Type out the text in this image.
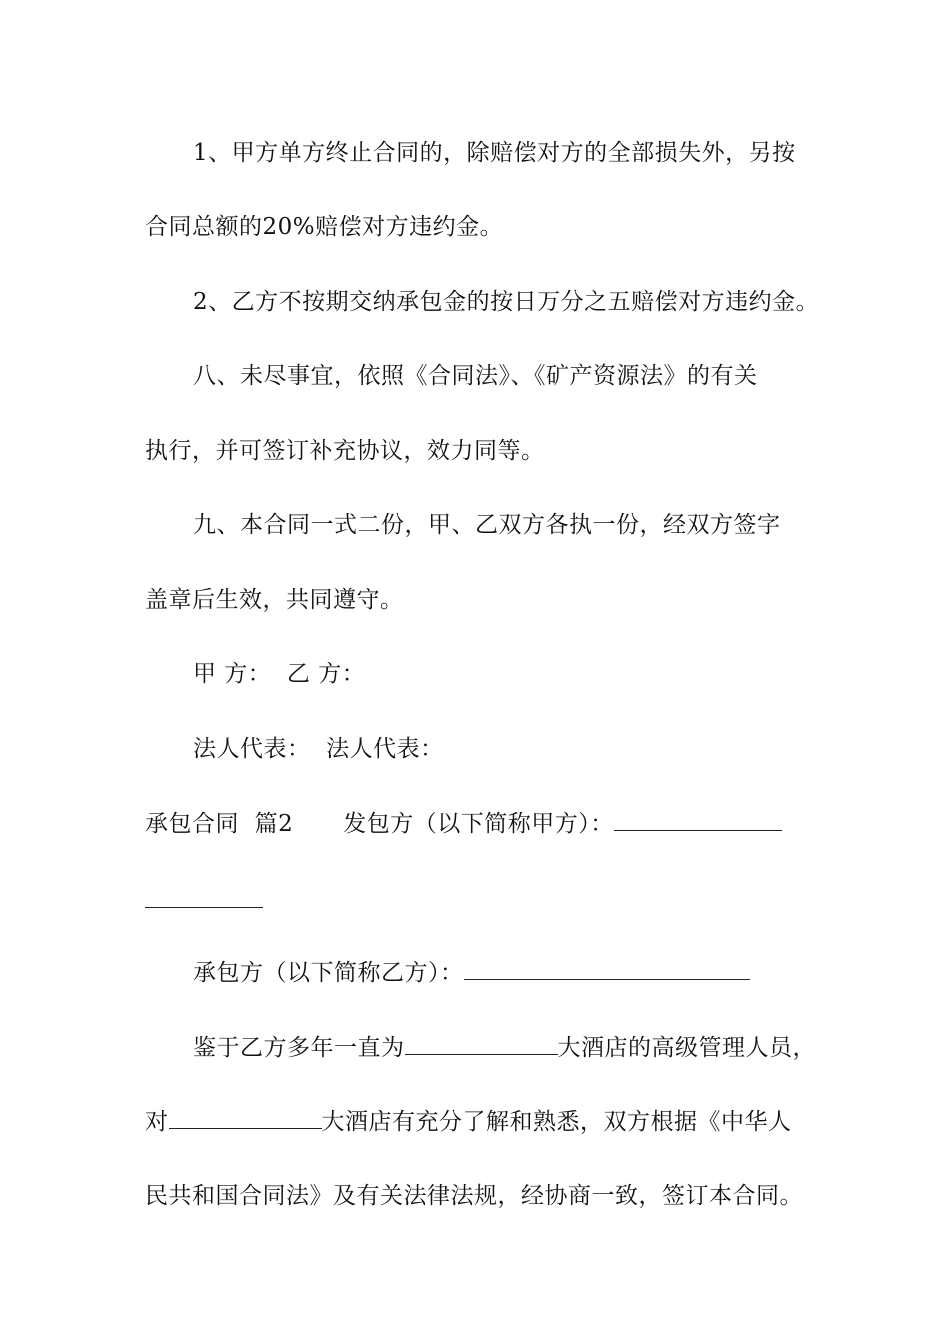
1、甲方单方终止合同的，除赔偿对方的全部损失外，另按
合同总额的20%赔偿对方违约金。
2、乙方不按期交纳承包金的按日万分之五赔偿对方违约金。
八、未尽事宜，依照《合同法》、《矿产资源法》的有关
执行，并可签订补充协议，效力同等。
九、本合同一式二份，甲、乙双方各执一份，经双方签字
盖章后生效，共同遵守。
甲 方：  乙 方：
法人代表：  法人代表：
承包合同  篇2 发包方（以下简称甲方）：
承包方（以下简称乙方）：
鉴于乙方多年一直为	大酒店的高级管理人员，
对	大酒店有充分了解和熟悉，双方根据《中华人
民共和国合同法》及有关法律法规，经协商一致，签订本合同。
